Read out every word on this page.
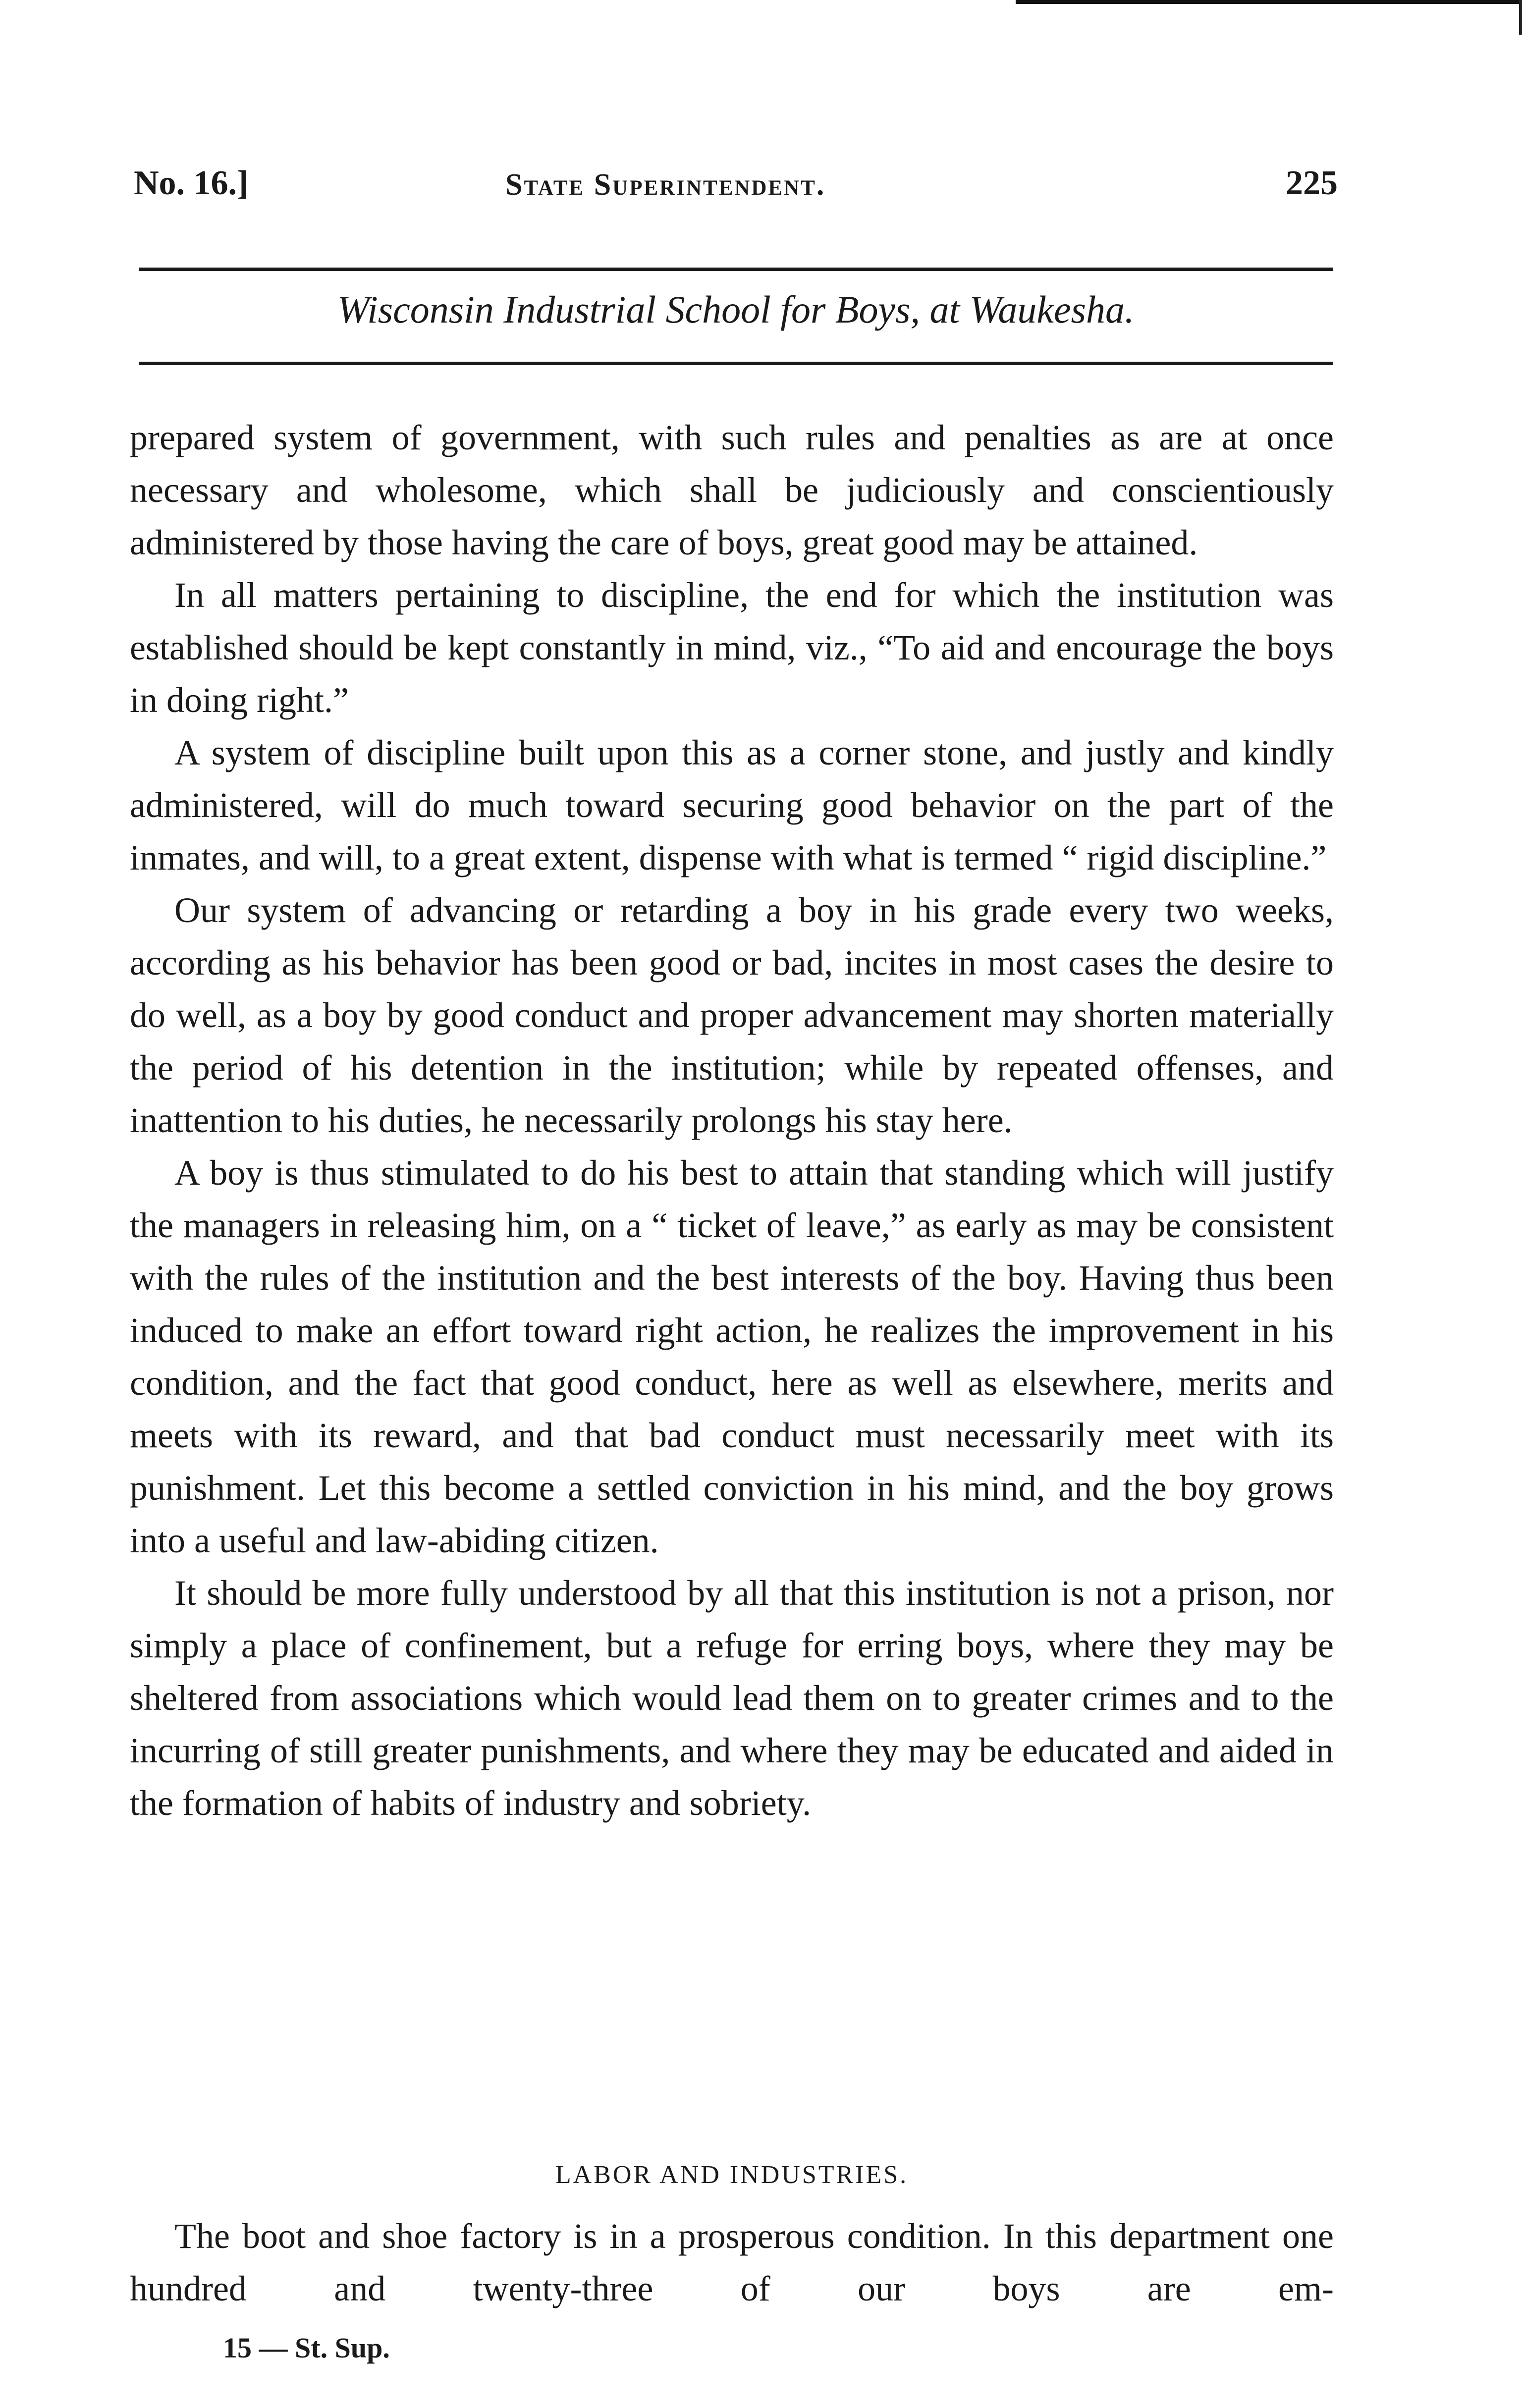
No. 16.]	State Superintendent.	225
Wisconsin Industrial School for Boys, at Waukesha.

prepared system of government, with such rules and penalties as are at once necessary and wholesome, which shall be judiciously and conscientiously administered by those having the care of boys, great good may be attained.

In all matters pertaining to discipline, the end for which the institution was established should be kept constantly in mind, viz., “To aid and encourage the boys in doing right.”

A system of discipline built upon this as a corner stone, and justly and kindly administered, will do much toward securing good behavior on the part of the inmates, and will, to a great extent, dispense with what is termed “ rigid discipline.”

Our system of advancing or retarding a boy in his grade every two weeks, according as his behavior has been good or bad, incites in most cases the desire to do well, as a boy by good conduct and proper advancement may shorten materially the period of his detention in the institution; while by repeated offenses, and inattention to his duties, he necessarily prolongs his stay here.

A boy is thus stimulated to do his best to attain that standing which will justify the managers in releasing him, on a “ ticket of leave,” as early as may be consistent with the rules of the institution and the best interests of the boy. Having thus been induced to make an effort toward right action, he realizes the improvement in his condition, and the fact that good conduct, here as well as elsewhere, merits and meets with its reward, and that bad conduct must necessarily meet with its punishment. Let this become a settled conviction in his mind, and the boy grows into a useful and law-abiding citizen.

It should be more fully understood by all that this institution is not a prison, nor simply a place of confinement, but a refuge for erring boys, where they may be sheltered from associations which would lead them on to greater crimes and to the incurring of still greater punishments, and where they may be educated and aided in the formation of habits of industry and sobriety.

LABOR AND INDUSTRIES.

The boot and shoe factory is in a prosperous condition. In this department one hundred and twenty-three of our boys are em-

15 — St. Sup.
